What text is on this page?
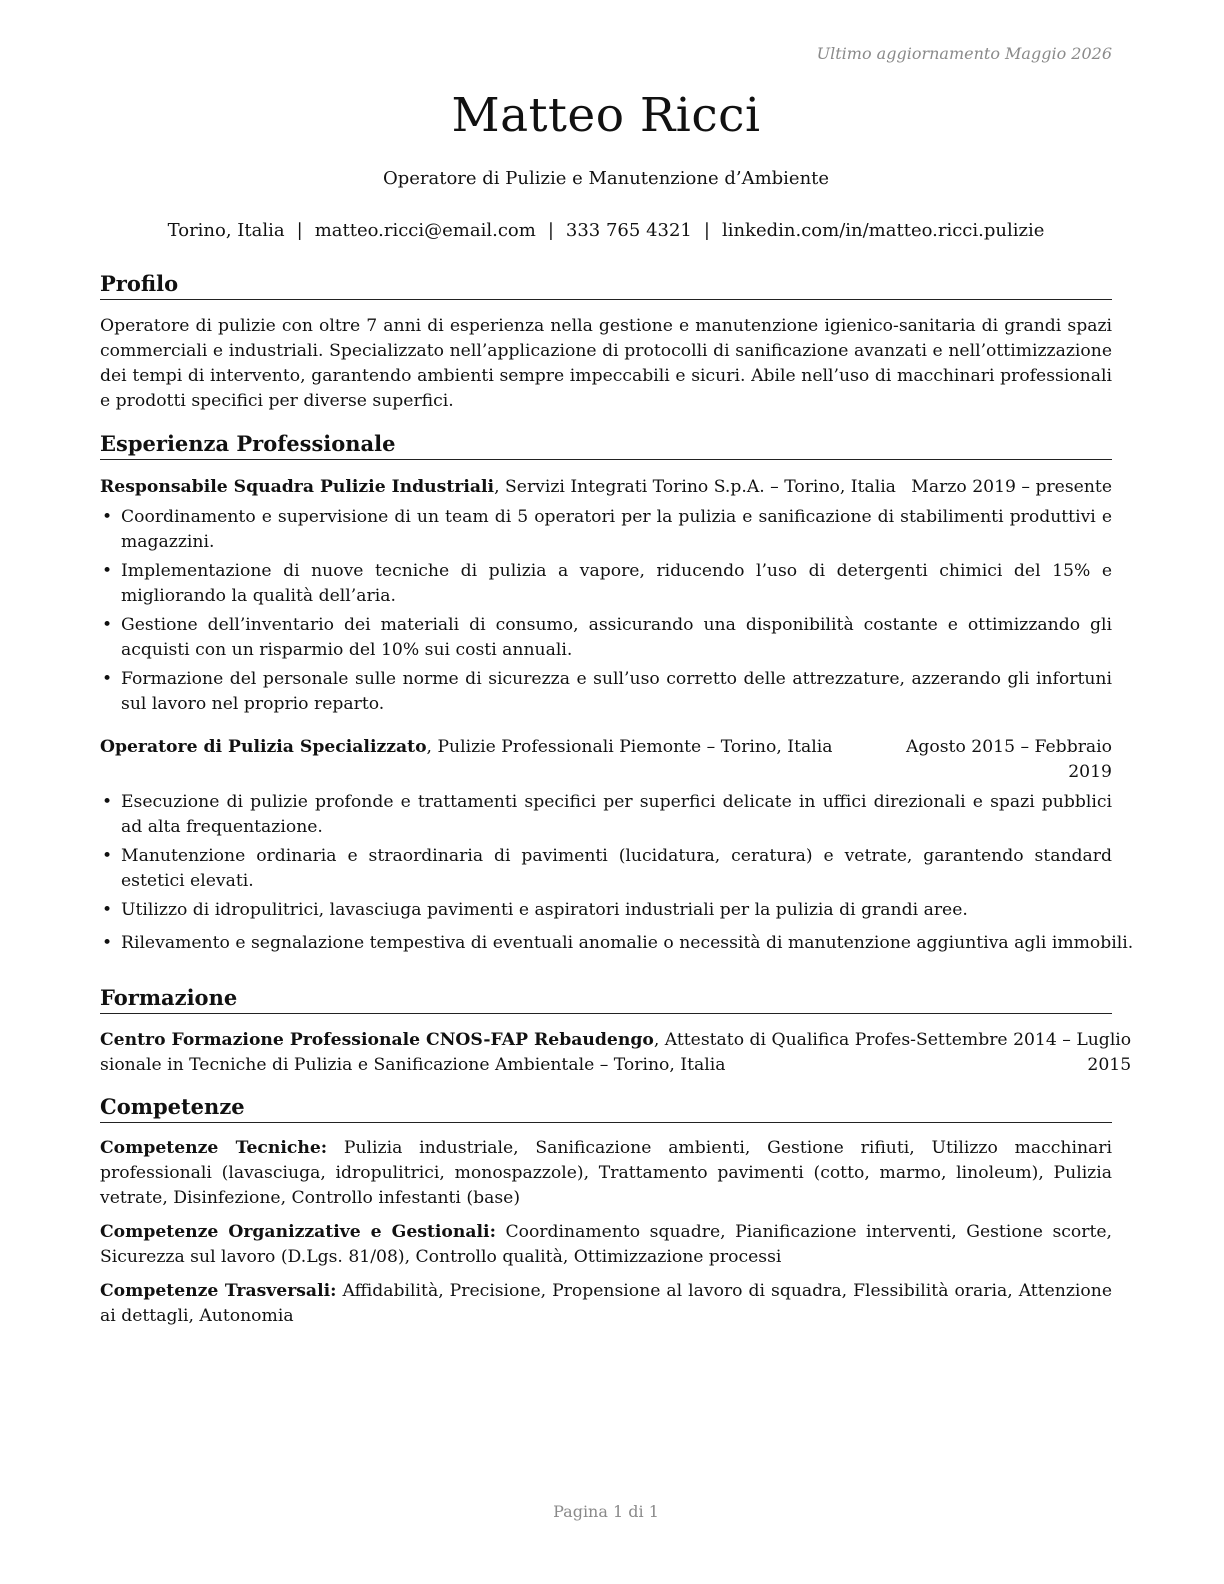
Ultimo aggiornamento Maggio 2026
Matteo Ricci
Operatore di Pulizie e Manutenzione d’Ambiente
Torino, Italia | matteo.ricci@email.com | 333 765 4321 | linkedin.com/in/matteo.ricci.pulizie
Profilo

Operatore di pulizie con oltre 7 anni di esperienza nella gestione e manutenzione igienico-sanitaria di grandi spazi commerciali e industriali. Specializzato nell’applicazione di protocolli di sanificazione avanzati e nell’ottimizzazione dei tempi di intervento, garantendo ambienti sempre impeccabili e sicuri. Abile nell’uso di macchinari professionali e prodotti specifici per diverse superfici.

Esperienza Professionale
Responsabile Squadra Pulizie Industriali, Servizi Integrati Torino S.p.A. – Torino, Italia Marzo 2019 – presente
• Coordinamento e supervisione di un team di 5 operatori per la pulizia e sanificazione di stabilimenti produttivi e magazzini.
• Implementazione di nuove tecniche di pulizia a vapore, riducendo l’uso di detergenti chimici del 15% e migliorando la qualità dell’aria.
• Gestione dell’inventario dei materiali di consumo, assicurando una disponibilità costante e ottimizzando gli acquisti con un risparmio del 10% sui costi annuali.
• Formazione del personale sulle norme di sicurezza e sull’uso corretto delle attrezzature, azzerando gli infortuni sul lavoro nel proprio reparto.
Operatore di Pulizia Specializzato, Pulizie Professionali Piemonte – Torino, Italia	Agosto 2015 – Febbraio
2019
• Esecuzione di pulizie profonde e trattamenti specifici per superfici delicate in uffici direzionali e spazi pubblici ad alta frequentazione.
• Manutenzione ordinaria e straordinaria di pavimenti (lucidatura, ceratura) e vetrate, garantendo standard estetici elevati.
• Utilizzo di idropulitrici, lavasciuga pavimenti e aspiratori industriali per la pulizia di grandi aree.
• Rilevamento e segnalazione tempestiva di eventuali anomalie o necessità di manutenzione aggiuntiva agli immobili.
Formazione
Centro Formazione Professionale CNOS-FAP Rebaudengo, Attestato di Qualifica Profes-
sionale in Tecniche di Pulizia e Sanificazione Ambientale – Torino, Italia
Settembre 2014 – Luglio
2015
Competenze

Competenze Tecniche: Pulizia industriale, Sanificazione ambienti, Gestione rifiuti, Utilizzo macchinari professionali (lavasciuga, idropulitrici, monospazzole), Trattamento pavimenti (cotto, marmo, linoleum), Pulizia vetrate, Disinfezione, Controllo infestanti (base)

Competenze Organizzative e Gestionali: Coordinamento squadre, Pianificazione interventi, Gestione scorte, Sicurezza sul lavoro (D.Lgs. 81/08), Controllo qualità, Ottimizzazione processi

Competenze Trasversali: Affidabilità, Precisione, Propensione al lavoro di squadra, Flessibilità oraria, Attenzione ai dettagli, Autonomia

Pagina 1 di 1
